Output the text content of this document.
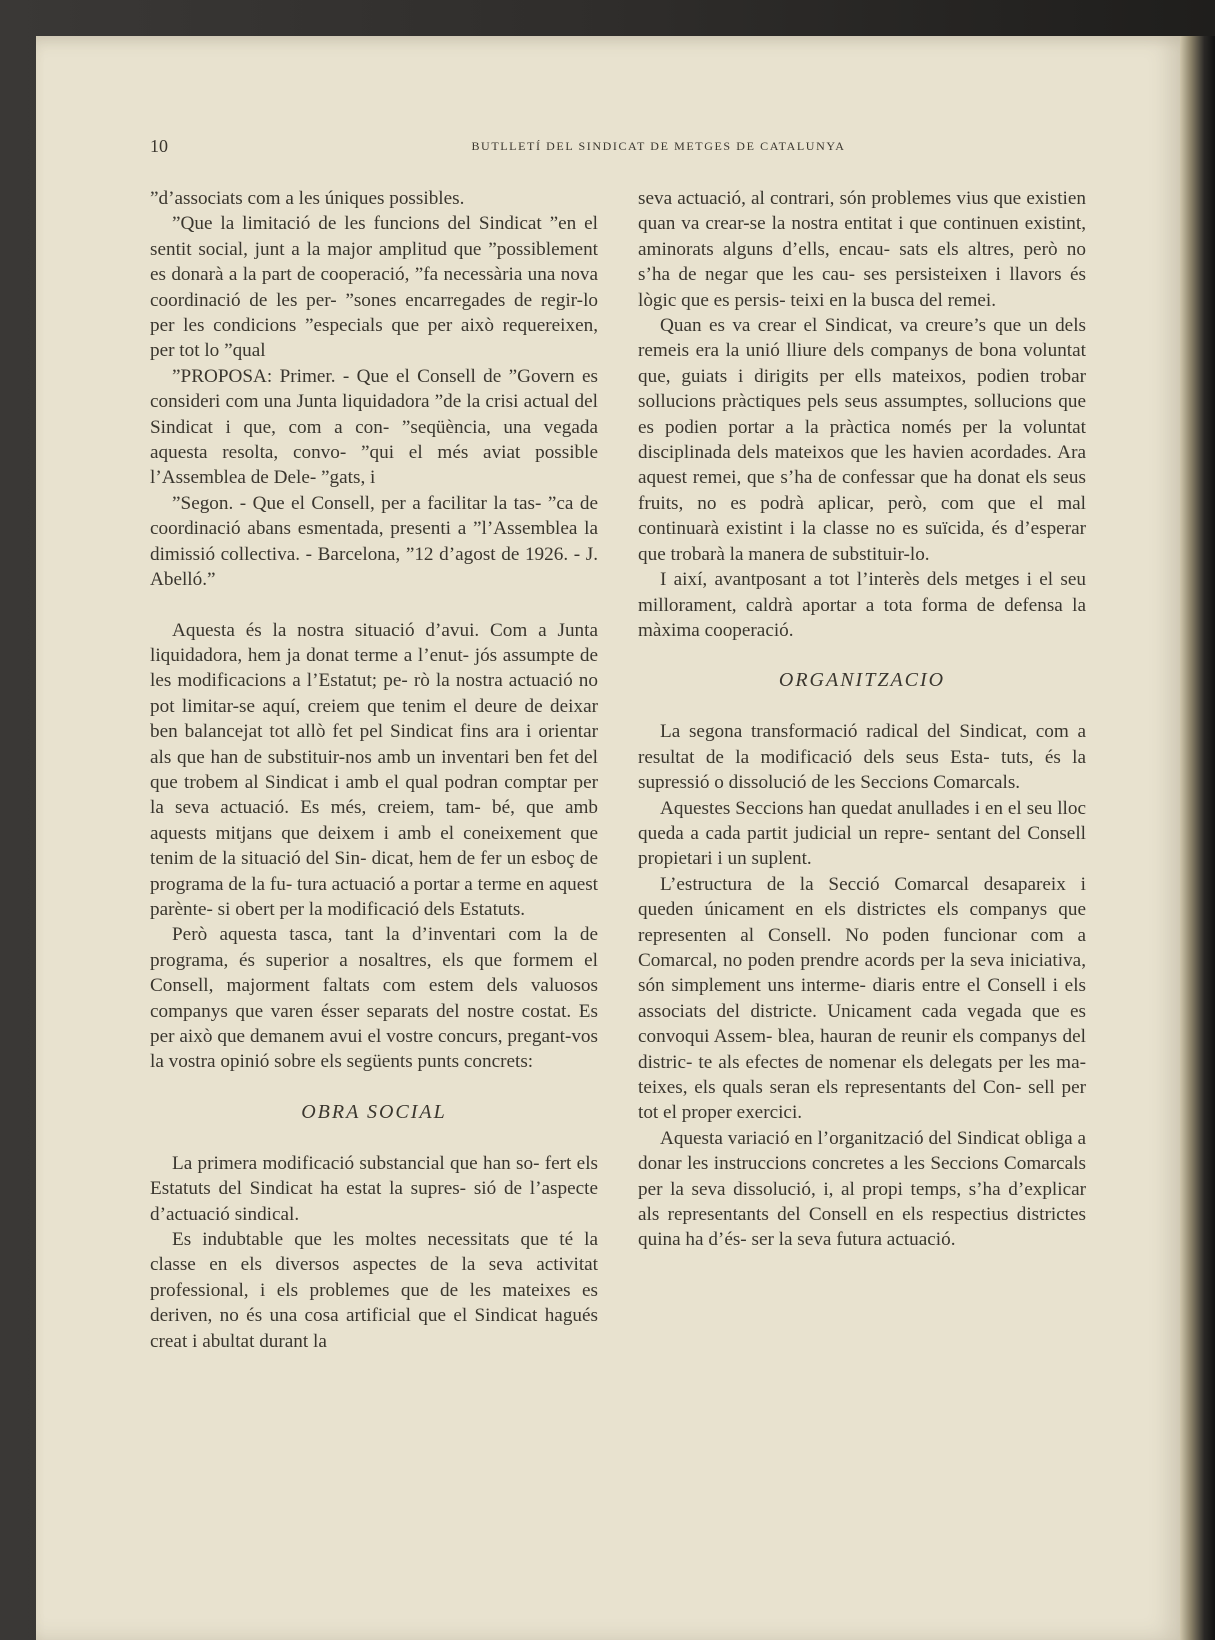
10	BUTLLETÍ DEL SINDICAT DE METGES DE CATALUNYA

”d’associats com a les úniques possibles.

”Que la limitació de les funcions del Sindicat ”en el sentit social, junt a la major amplitud que ”possiblement es donarà a la part de cooperació, ”fa necessària una nova coordinació de les per- ”sones encarregades de regir-lo per les condicions ”especials que per això requereixen, per tot lo ”qual

”PROPOSA: Primer. - Que el Consell de ”Govern es consideri com una Junta liquidadora ”de la crisi actual del Sindicat i que, com a con- ”seqüència, una vegada aquesta resolta, convo- ”qui el més aviat possible l’Assemblea de Dele- ”gats, i

”Segon. - Que el Consell, per a facilitar la tas- ”ca de coordinació abans esmentada, presenti a ”l’Assemblea la dimissió collectiva. - Barcelona, ”12 d’agost de 1926. - J. Abelló.”

Aquesta és la nostra situació d’avui. Com a Junta liquidadora, hem ja donat terme a l’enut- jós assumpte de les modificacions a l’Estatut; pe- rò la nostra actuació no pot limitar-se aquí, creiem que tenim el deure de deixar ben balancejat tot allò fet pel Sindicat fins ara i orientar als que han de substituir-nos amb un inventari ben fet del que trobem al Sindicat i amb el qual podran comptar per la seva actuació. Es més, creiem, tam- bé, que amb aquests mitjans que deixem i amb el coneixement que tenim de la situació del Sin- dicat, hem de fer un esboç de programa de la fu- tura actuació a portar a terme en aquest parènte- si obert per la modificació dels Estatuts.

Però aquesta tasca, tant la d’inventari com la de programa, és superior a nosaltres, els que formem el Consell, majorment faltats com estem dels valuosos companys que varen ésser separats del nostre costat. Es per això que demanem avui el vostre concurs, pregant-vos la vostra opinió sobre els següents punts concrets:

OBRA SOCIAL

La primera modificació substancial que han so- fert els Estatuts del Sindicat ha estat la supres- sió de l’aspecte d’actuació sindical.

Es indubtable que les moltes necessitats que té la classe en els diversos aspectes de la seva activitat professional, i els problemes que de les mateixes es deriven, no és una cosa artificial que el Sindicat hagués creat i abultat durant la

seva actuació, al contrari, són problemes vius que existien quan va crear-se la nostra entitat i que continuen existint, aminorats alguns d’ells, encau- sats els altres, però no s’ha de negar que les cau- ses persisteixen i llavors és lògic que es persis- teixi en la busca del remei.

Quan es va crear el Sindicat, va creure’s que un dels remeis era la unió lliure dels companys de bona voluntat que, guiats i dirigits per ells mateixos, podien trobar sollucions pràctiques pels seus assumptes, sollucions que es podien portar a la pràctica només per la voluntat disciplinada dels mateixos que les havien acordades. Ara aquest remei, que s’ha de confessar que ha donat els seus fruits, no es podrà aplicar, però, com que el mal continuarà existint i la classe no es suïcida, és d’esperar que trobarà la manera de substituir-lo.

I així, avantposant a tot l’interès dels metges i el seu millorament, caldrà aportar a tota forma de defensa la màxima cooperació.

ORGANITZACIO

La segona transformació radical del Sindicat, com a resultat de la modificació dels seus Esta- tuts, és la supressió o dissolució de les Seccions Comarcals.

Aquestes Seccions han quedat anullades i en el seu lloc queda a cada partit judicial un repre- sentant del Consell propietari i un suplent.

L’estructura de la Secció Comarcal desapareix i queden únicament en els districtes els companys que representen al Consell. No poden funcionar com a Comarcal, no poden prendre acords per la seva iniciativa, són simplement uns interme- diaris entre el Consell i els associats del districte. Unicament cada vegada que es convoqui Assem- blea, hauran de reunir els companys del distric- te als efectes de nomenar els delegats per les ma- teixes, els quals seran els representants del Con- sell per tot el proper exercici.

Aquesta variació en l’organització del Sindicat obliga a donar les instruccions concretes a les Seccions Comarcals per la seva dissolució, i, al propi temps, s’ha d’explicar als representants del Consell en els respectius districtes quina ha d’és- ser la seva futura actuació.
